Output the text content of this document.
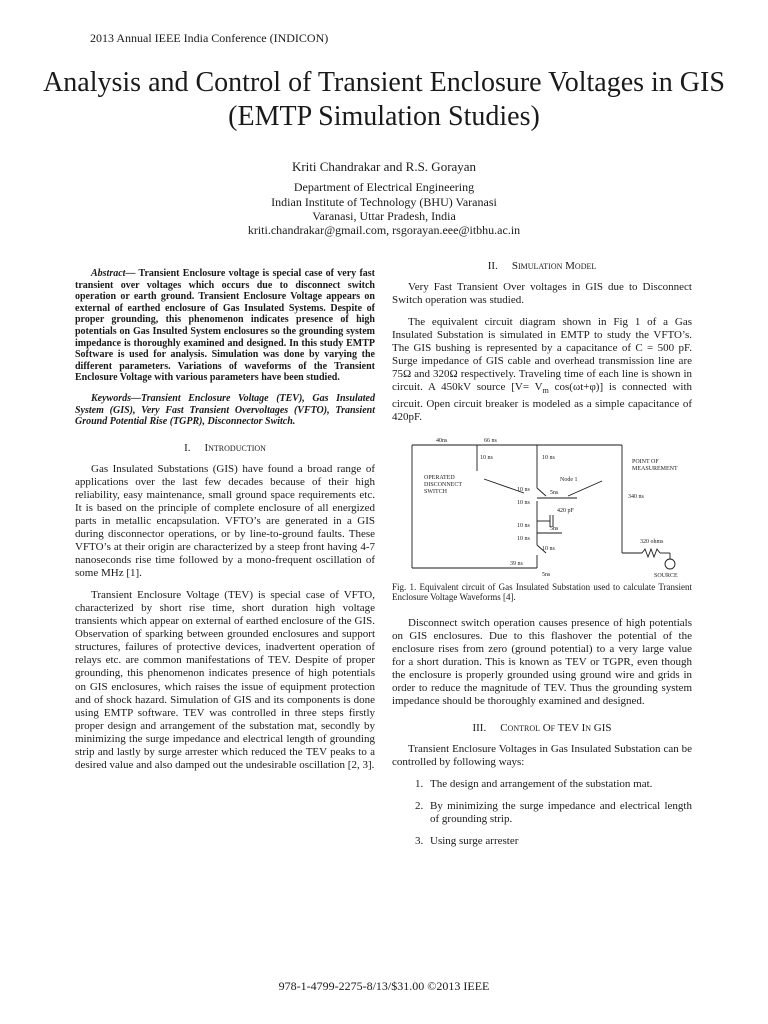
2013 Annual IEEE India Conference (INDICON)
Analysis and Control of Transient Enclosure Voltages in GIS (EMTP Simulation Studies)
Kriti Chandrakar and R.S. Gorayan
Department of Electrical Engineering
Indian Institute of Technology (BHU) Varanasi
Varanasi, Uttar Pradesh, India
kriti.chandrakar@gmail.com, rsgorayan.eee@itbhu.ac.in

Abstract— Transient Enclosure voltage is special case of very fast transient over voltages which occurs due to disconnect switch operation or earth ground. Transient Enclosure Voltage appears on external of earthed enclosure of Gas Insulated Systems. Despite of proper grounding, this phenomenon indicates presence of high potentials on Gas Insulted System enclosures so the grounding system impedance is thoroughly examined and designed. In this study EMTP Software is used for analysis. Simulation was done by varying the different parameters. Variations of waveforms of the Transient Enclosure Voltage with various parameters have been studied.

Keywords—Transient Enclosure Voltage (TEV), Gas Insulated System (GIS), Very Fast Transient Overvoltages (VFTO), Transient Ground Potential Rise (TGPR), Disconnector Switch.

I. Introduction

Gas Insulated Substations (GIS) have found a broad range of applications over the last few decades because of their high reliability, easy maintenance, small ground space requirements etc. It is based on the principle of complete enclosure of all energized parts in metallic encapsulation. VFTO’s are generated in a GIS during disconnector operations, or by line-to-ground faults. These VFTO’s at their origin are characterized by a steep front having 4-7 nanoseconds rise time followed by a mono-frequent oscillation of some MHz [1].

Transient Enclosure Voltage (TEV) is special case of VFTO, characterized by short rise time, short duration high voltage transients which appear on external of earthed enclosure of the GIS. Observation of sparking between grounded enclosures and support structures, failures of protective devices, inadvertent operation of relays etc. are common manifestations of TEV. Despite of proper grounding, this phenomenon indicates presence of high potentials on GIS enclosures, which raises the issue of equipment protection and of shock hazard. Simulation of GIS and its components is done using EMTP software. TEV was controlled in three steps firstly proper design and arrangement of the substation mat, secondly by minimizing the surge impedance and electrical length of grounding strip and lastly by surge arrester which reduced the TEV peaks to a desired value and also damped out the undesirable oscillation [2, 3].

II. Simulation Model

Very Fast Transient Over voltages in GIS due to Disconnect Switch operation was studied.

The equivalent circuit diagram shown in Fig 1 of a Gas Insulated Substation is simulated in EMTP to study the VFTO’s. The GIS bushing is represented by a capacitance of C = 500 pF. Surge impedance of GIS cable and overhead transmission line are 75Ω and 320Ω respectively. Traveling time of each line is shown in circuit. A 450kV source [$V= V_m$ cos(ωt+φ)] is connected with circuit. Open circuit breaker is modeled as a simple capacitance of 420pF.

40ns	66 ns
10 ns	10 ns
OPERATED
DISCONNECT
SWITCH
Node 1
10 ns	5ns
10 ns
420 pF
10 ns	5ns
10 ns
39 ns
10 ns
5ns
POINT OF
MEASUREMENT
340 ns
320 ohms
SOURCE

Fig. 1. Equivalent circuit of Gas Insulated Substation used to calculate Transient Enclosure Voltage Waveforms [4].

Disconnect switch operation causes presence of high potentials on GIS enclosures. Due to this flashover the potential of the enclosure rises from zero (ground potential) to a very large value for a short duration. This is known as TEV or TGPR, even though the enclosure is properly grounded using ground wire and grids in order to reduce the magnitude of TEV. Thus the grounding system impedance should be thoroughly examined and designed.

III. Control Of TEV In GIS

Transient Enclosure Voltages in Gas Insulated Substation can be controlled by following ways:

1. The design and arrangement of the substation mat.
2. By minimizing the surge impedance and electrical length of grounding strip.
3. Using surge arrester
978-1-4799-2275-8/13/$31.00 ©2013 IEEE
